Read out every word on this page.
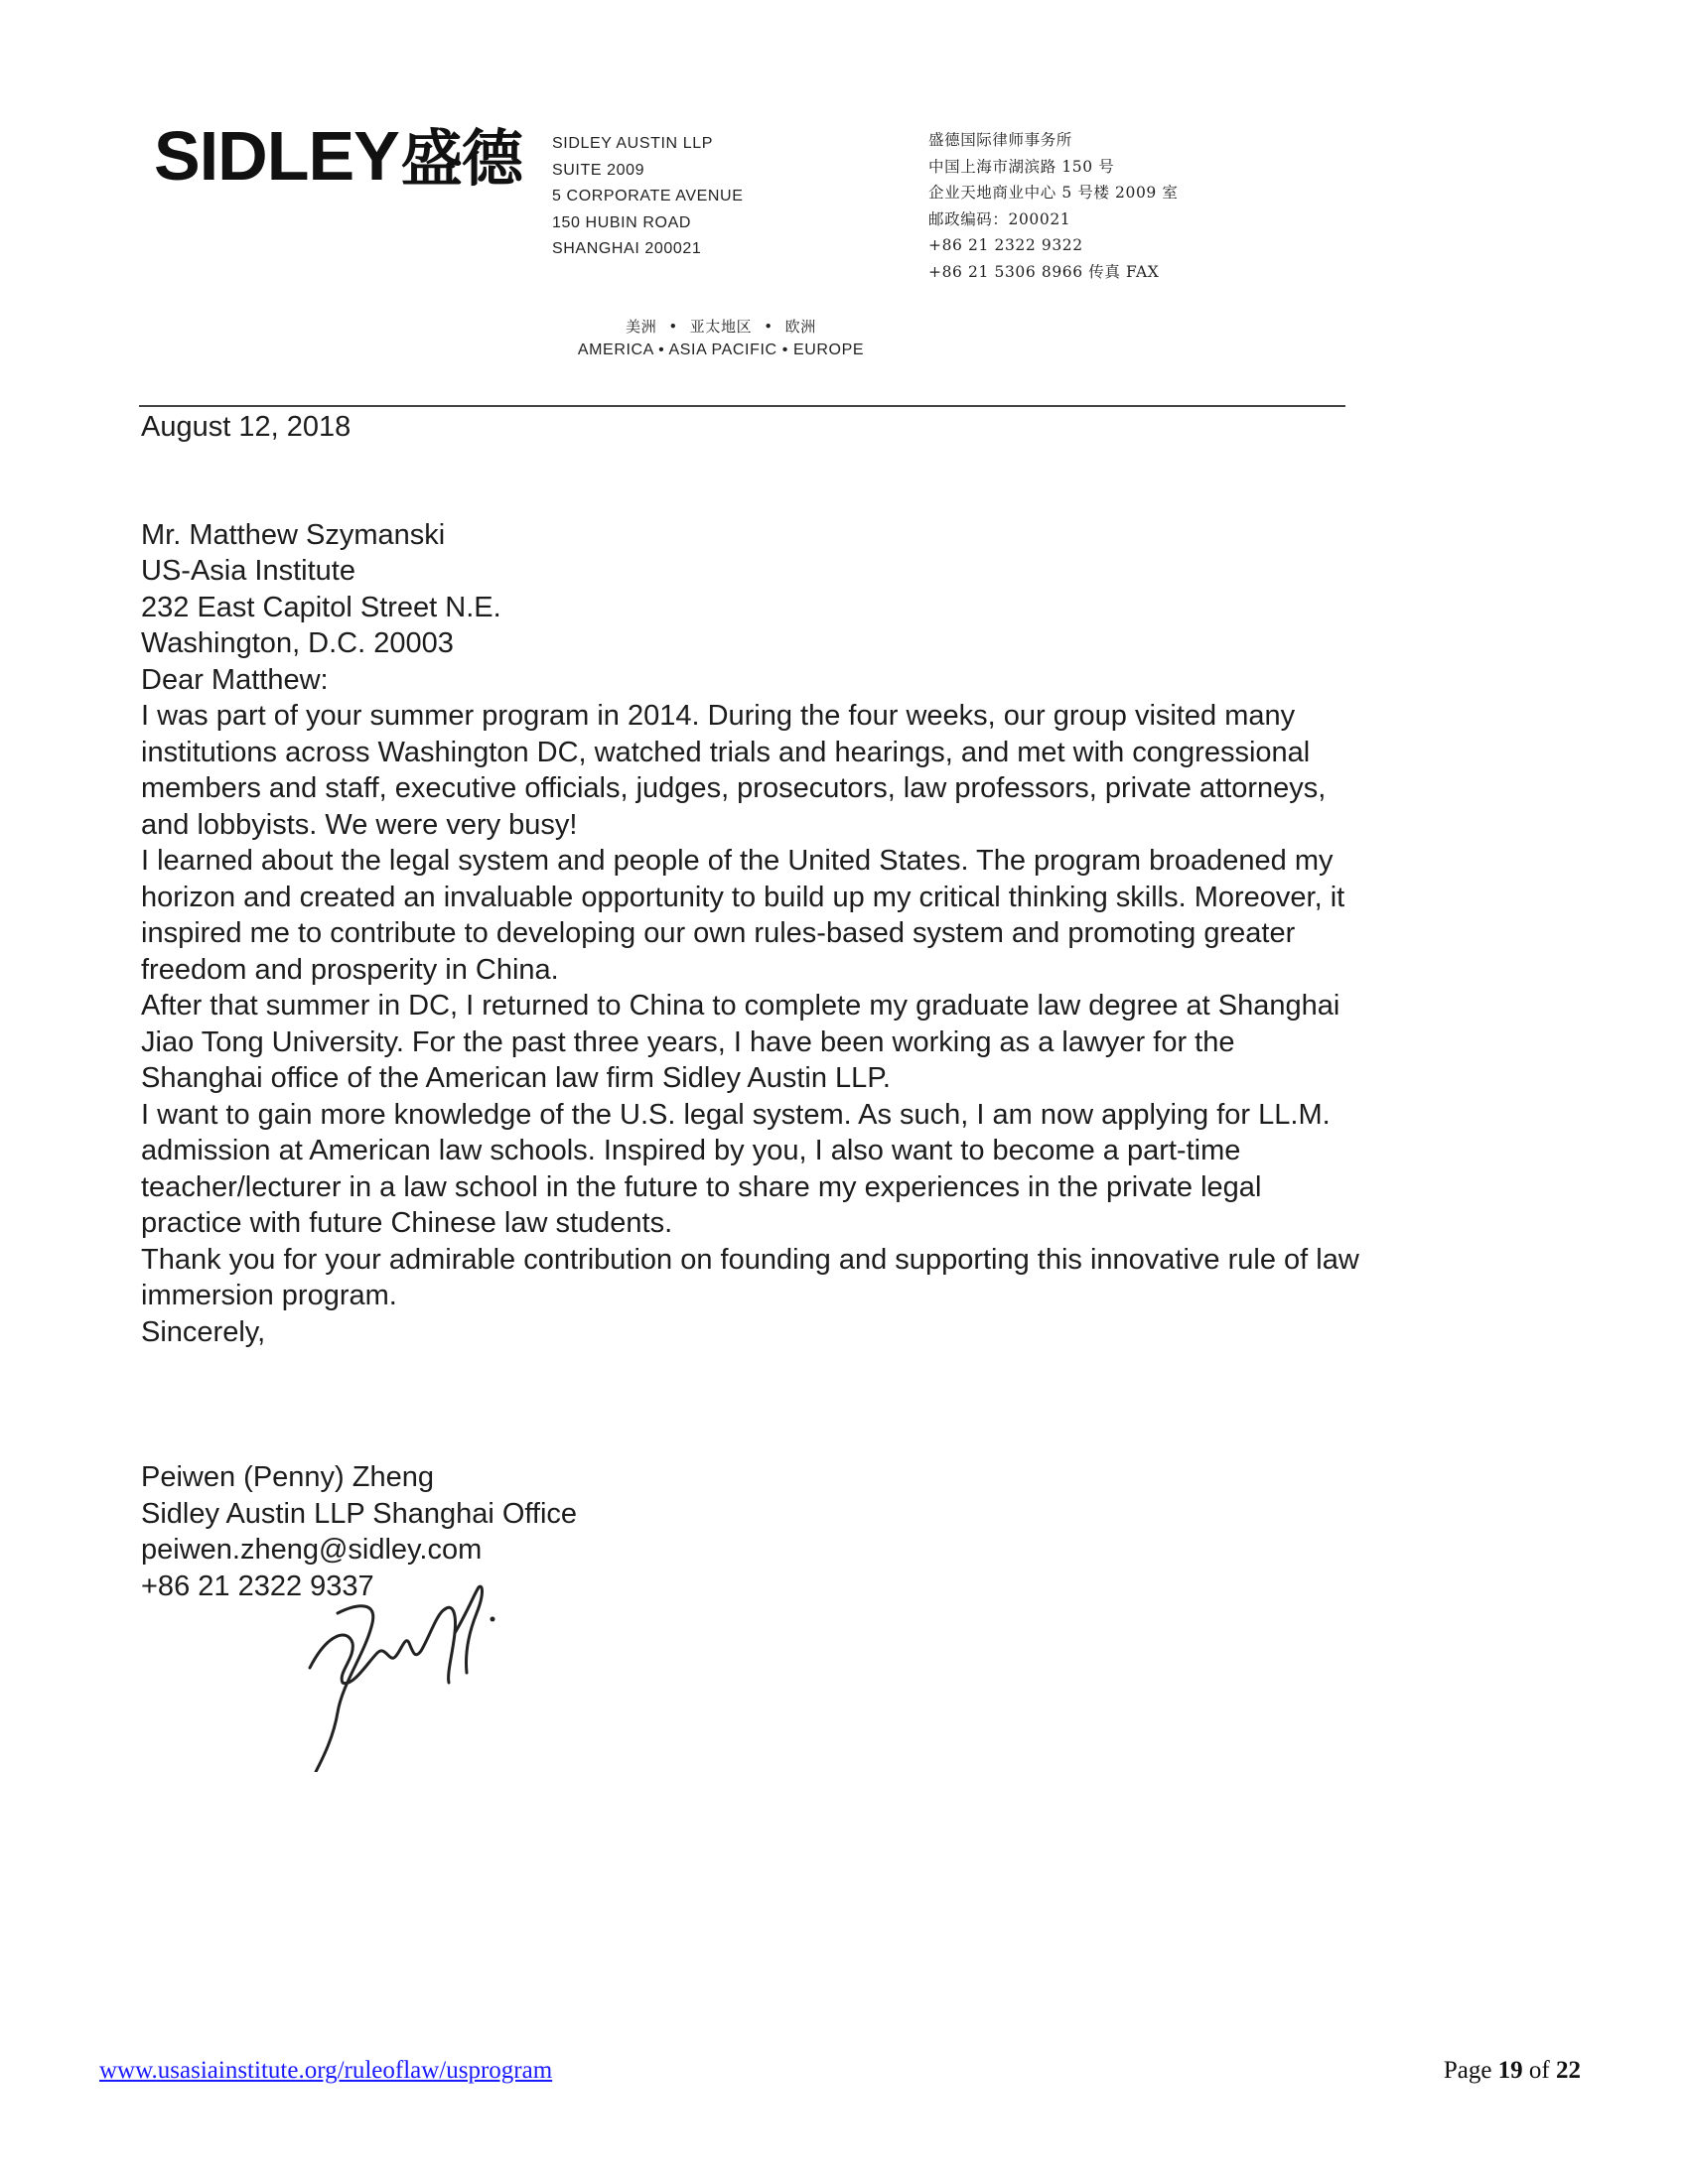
SIDLEY盛德 SIDLEY AUSTIN LLP
SUITE 2009
5 CORPORATE AVENUE
150 HUBIN ROAD
SHANGHAI 200021
盛德国际律师事务所
中国上海市湖滨路 150 号
企业天地商业中心 5 号楼 2009 室
邮政编码：200021
+86 21 2322 9322
+86 21 5306 8966 传真 FAX
美洲 • 亚太地区 • 欧洲
AMERICA • ASIA PACIFIC • EUROPE

August 12, 2018

Mr. Matthew Szymanski

US-Asia Institute

232 East Capitol Street N.E.

Washington, D.C. 20003

Dear Matthew:

I was part of your summer program in 2014. During the four weeks, our group visited many institutions across Washington DC, watched trials and hearings, and met with congressional members and staff, executive officials, judges, prosecutors, law professors, private attorneys, and lobbyists. We were very busy!

I learned about the legal system and people of the United States. The program broadened my horizon and created an invaluable opportunity to build up my critical thinking skills. Moreover, it inspired me to contribute to developing our own rules-based system and promoting greater freedom and prosperity in China.

After that summer in DC, I returned to China to complete my graduate law degree at Shanghai Jiao Tong University. For the past three years, I have been working as a lawyer for the Shanghai office of the American law firm Sidley Austin LLP.

I want to gain more knowledge of the U.S. legal system. As such, I am now applying for LL.M. admission at American law schools. Inspired by you, I also want to become a part-time teacher/lecturer in a law school in the future to share my experiences in the private legal practice with future Chinese law students.

Thank you for your admirable contribution on founding and supporting this innovative rule of law immersion program.

Sincerely,

Peiwen (Penny) Zheng

Sidley Austin LLP Shanghai Office

peiwen.zheng@sidley.com

+86 21 2322 9337

www.usasiainstitute.org/ruleoflaw/usprogram	Page 19 of 22
